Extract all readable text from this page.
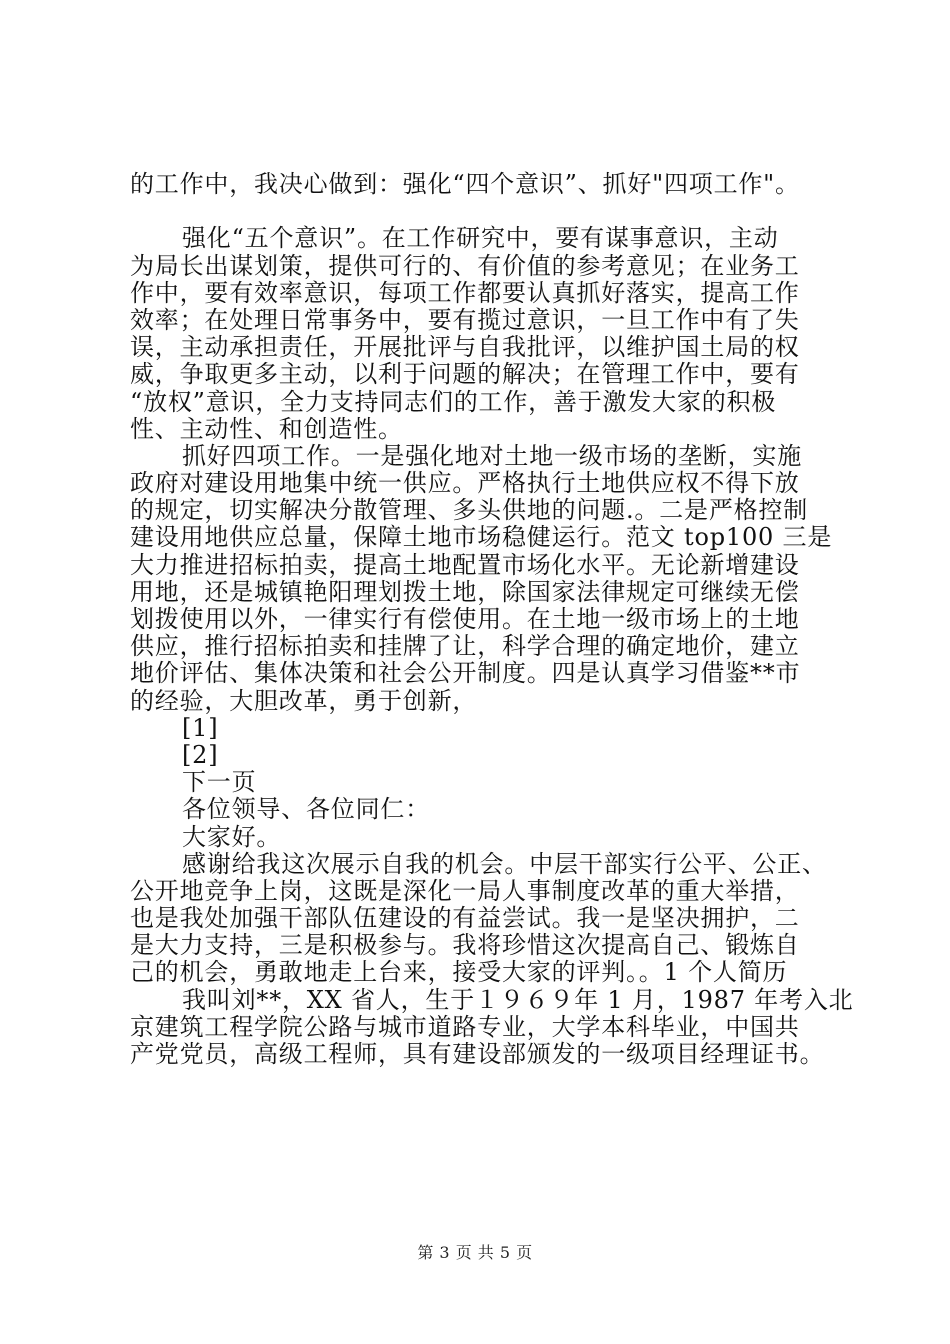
的工作中，我决心做到：强化“四个意识”、抓好"四项工作"。
强化“五个意识”。在工作研究中，要有谋事意识，主动
为局长出谋划策，提供可行的、有价值的参考意见；在业务工
作中，要有效率意识，每项工作都要认真抓好落实，提高工作
效率；在处理日常事务中，要有揽过意识，一旦工作中有了失
误，主动承担责任，开展批评与自我批评，以维护国土局的权
威，争取更多主动，以利于问题的解决；在管理工作中，要有
“放权”意识，全力支持同志们的工作，善于激发大家的积极
性、主动性、和创造性。
抓好四项工作。一是强化地对土地一级市场的垄断，实施
政府对建设用地集中统一供应。严格执行土地供应权不得下放
的规定，切实解决分散管理、多头供地的问题.。二是严格控制
建设用地供应总量，保障土地市场稳健运行。范文 top100 三是
大力推进招标拍卖，提高土地配置市场化水平。无论新增建设
用地，还是城镇艳阳理划拨土地，除国家法律规定可继续无偿
划拨使用以外，一律实行有偿使用。在土地一级市场上的土地
供应，推行招标拍卖和挂牌了让，科学合理的确定地价，建立
地价评估、集体决策和社会公开制度。四是认真学习借鉴**市
的经验，大胆改革，勇于创新，
[1]
[2]
下一页
各位领导、各位同仁：
大家好。
感谢给我这次展示自我的机会。中层干部实行公平、公正、
公开地竞争上岗，这既是深化一局人事制度改革的重大举措，
也是我处加强干部队伍建设的有益尝试。我一是坚决拥护，二
是大力支持，三是积极参与。我将珍惜这次提高自己、锻炼自
己的机会，勇敢地走上台来，接受大家的评判。。1 个人简历
我叫刘**，XX 省人，生于１９６９年 1 月，1987 年考入北
京建筑工程学院公路与城市道路专业，大学本科毕业，中国共
产党党员，高级工程师，具有建设部颁发的一级项目经理证书。
第 3 页 共 5 页
